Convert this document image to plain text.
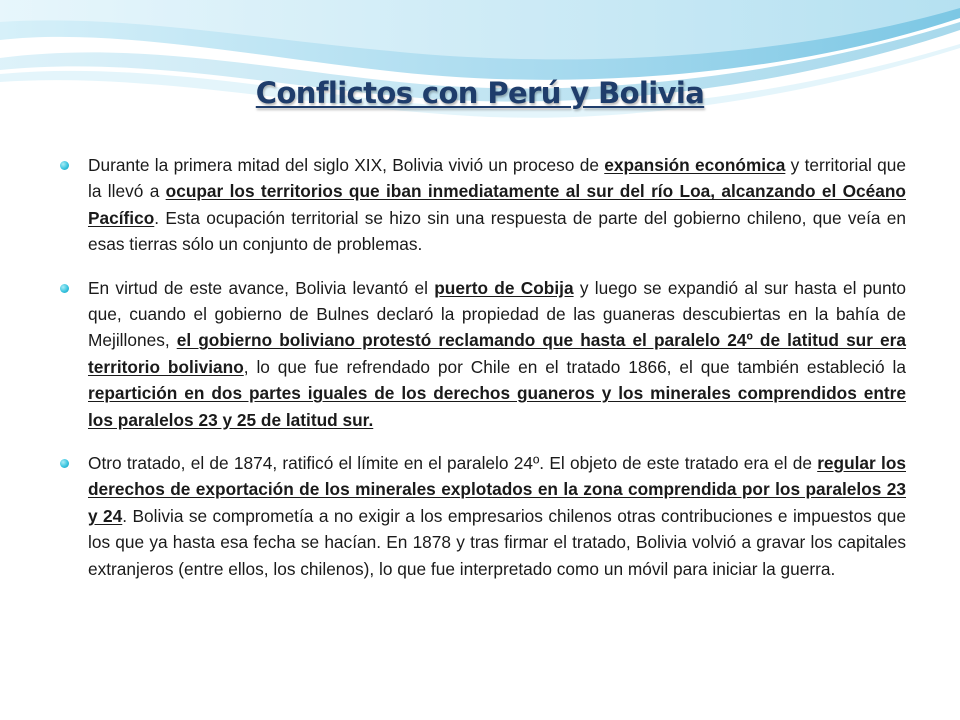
Conflictos con Perú y Bolivia
Durante la primera mitad del siglo XIX, Bolivia vivió un proceso de expansión económica y territorial que la llevó a ocupar los territorios que iban inmediatamente al sur del río Loa, alcanzando el Océano Pacífico. Esta ocupación territorial se hizo sin una respuesta de parte del gobierno chileno, que veía en esas tierras sólo un conjunto de problemas.
En virtud de este avance, Bolivia levantó el puerto de Cobija y luego se expandió al sur hasta el punto que, cuando el gobierno de Bulnes declaró la propiedad de las guaneras descubiertas en la bahía de Mejillones, el gobierno boliviano protestó reclamando que hasta el paralelo 24º de latitud sur era territorio boliviano, lo que fue refrendado por Chile en el tratado 1866, el que también estableció la repartición en dos partes iguales de los derechos guaneros y los minerales comprendidos entre los paralelos 23 y 25 de latitud sur.
Otro tratado, el de 1874, ratificó el límite en el paralelo 24º. El objeto de este tratado era el de regular los derechos de exportación de los minerales explotados en la zona comprendida por los paralelos 23 y 24. Bolivia se comprometía a no exigir a los empresarios chilenos otras contribuciones e impuestos que los que ya hasta esa fecha se hacían. En 1878 y tras firmar el tratado, Bolivia volvió a gravar los capitales extranjeros (entre ellos, los chilenos), lo que fue interpretado como un móvil para iniciar la guerra.
